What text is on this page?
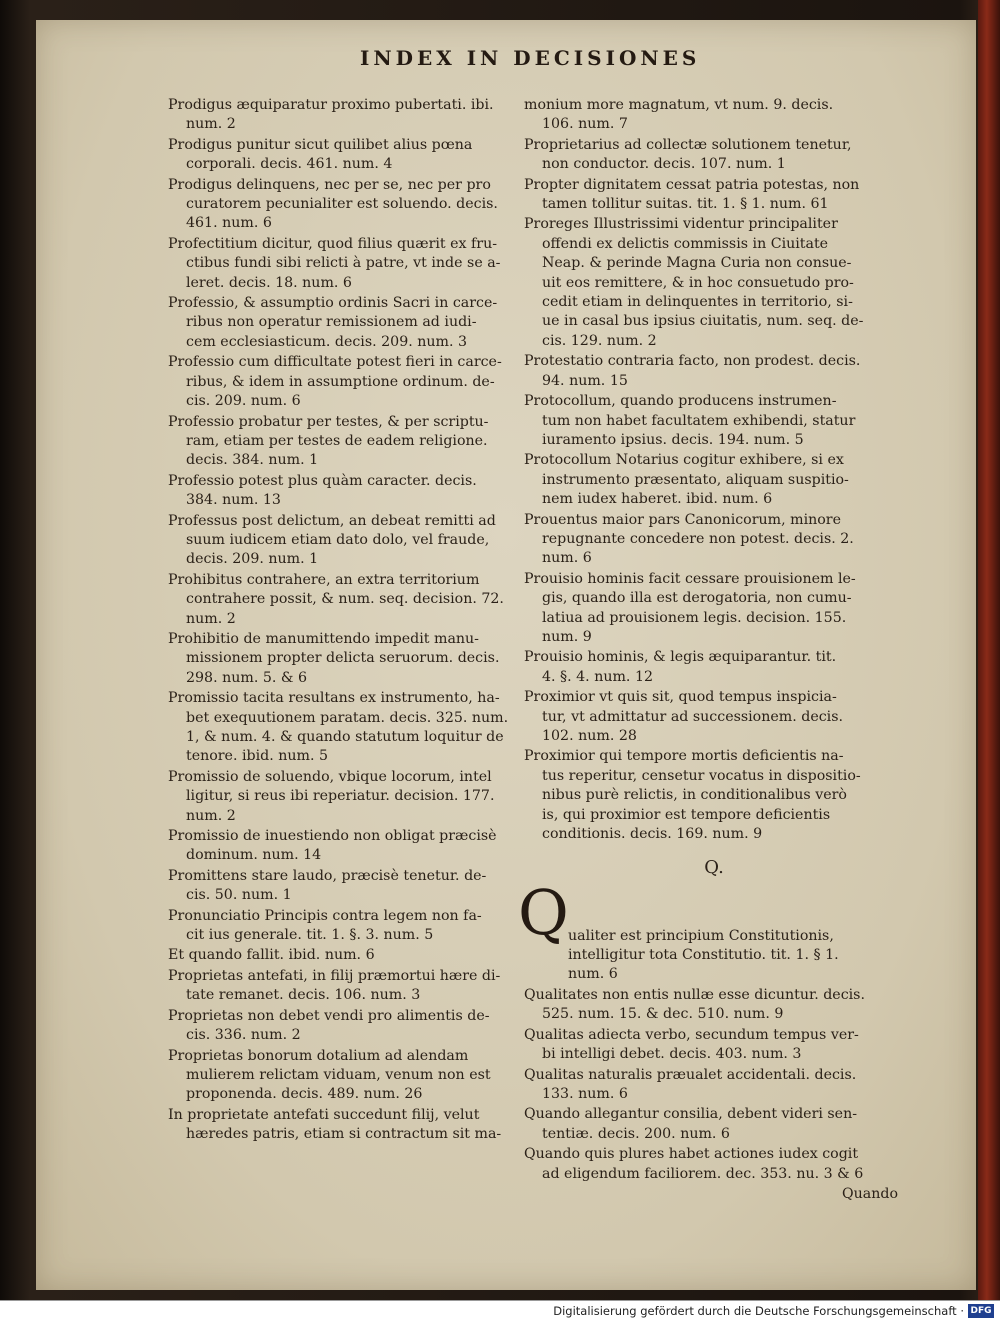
INDEX IN DECISIONES
Prodigus æquiparatur proximo pubertati. ibi.
num. 2
Prodigus punitur sicut quilibet alius pœna
corporali. decis. 461. num. 4
Prodigus delinquens, nec per se, nec per pro
curatorem pecunialiter est soluendo. decis.
461. num. 6
Profectitium dicitur, quod filius quærit ex fru-
ctibus fundi sibi relicti à patre, vt inde se a-
leret. decis. 18. num. 6
Professio, & assumptio ordinis Sacri in carce-
ribus non operatur remissionem ad iudi-
cem ecclesiasticum. decis. 209. num. 3
Professio cum difficultate potest fieri in carce-
ribus, & idem in assumptione ordinum. de-
cis. 209. num. 6
Professio probatur per testes, & per scriptu-
ram, etiam per testes de eadem religione.
decis. 384. num. 1
Professio potest plus quàm caracter. decis.
384. num. 13
Professus post delictum, an debeat remitti ad
suum iudicem etiam dato dolo, vel fraude,
decis. 209. num. 1
Prohibitus contrahere, an extra territorium
contrahere possit, & num. seq. decision. 72.
num. 2
Prohibitio de manumittendo impedit manu-
missionem propter delicta seruorum. decis.
298. num. 5. & 6
Promissio tacita resultans ex instrumento, ha-
bet exequutionem paratam. decis. 325. num.
1, & num. 4. & quando statutum loquitur de
tenore. ibid. num. 5
Promissio de soluendo, vbique locorum, intel
ligitur, si reus ibi reperiatur. decision. 177.
num. 2
Promissio de inuestiendo non obligat præcisè
dominum. num. 14
Promittens stare laudo, præcisè tenetur. de-
cis. 50. num. 1
Pronunciatio Principis contra legem non fa-
cit ius generale. tit. 1. §. 3. num. 5
Et quando fallit. ibid. num. 6
Proprietas antefati, in filij præmortui hære di-
tate remanet. decis. 106. num. 3
Proprietas non debet vendi pro alimentis de-
cis. 336. num. 2
Proprietas bonorum dotalium ad alendam
mulierem relictam viduam, venum non est
proponenda. decis. 489. num. 26
In proprietate antefati succedunt filij, velut
hæredes patris, etiam si contractum sit ma-
monium more magnatum, vt num. 9. decis.
106. num. 7
Proprietarius ad collectæ solutionem tenetur,
non conductor. decis. 107. num. 1
Propter dignitatem cessat patria potestas, non
tamen tollitur suitas. tit. 1. § 1. num. 61
Proreges Illustrissimi videntur principaliter
offendi ex delictis commissis in Ciuitate
Neap. & perinde Magna Curia non consue-
uit eos remittere, & in hoc consuetudo pro-
cedit etiam in delinquentes in territorio, si-
ue in casal bus ipsius ciuitatis, num. seq. de-
cis. 129. num. 2
Protestatio contraria facto, non prodest. decis.
94. num. 15
Protocollum, quando producens instrumen-
tum non habet facultatem exhibendi, statur
iuramento ipsius. decis. 194. num. 5
Protocollum Notarius cogitur exhibere, si ex
instrumento præsentato, aliquam suspitio-
nem iudex haberet. ibid. num. 6
Prouentus maior pars Canonicorum, minore
repugnante concedere non potest. decis. 2.
num. 6
Prouisio hominis facit cessare prouisionem le-
gis, quando illa est derogatoria, non cumu-
latiua ad prouisionem legis. decision. 155.
num. 9
Prouisio hominis, & legis æquiparantur. tit.
4. §. 4. num. 12
Proximior vt quis sit, quod tempus inspicia-
tur, vt admittatur ad successionem. decis.
102. num. 28
Proximior qui tempore mortis deficientis na-
tus reperitur, censetur vocatus in dispositio-
nibus purè relictis, in conditionalibus verò
is, qui proximior est tempore deficientis
conditionis. decis. 169. num. 9
Q.

Q ualiter est principium Constitutionis,
intelligitur tota Constitutio. tit. 1. § 1.
num. 6

Qualitates non entis nullæ esse dicuntur. decis.
525. num. 15. & dec. 510. num. 9
Qualitas adiecta verbo, secundum tempus ver-
bi intelligi debet. decis. 403. num. 3
Qualitas naturalis præualet accidentali. decis.
133. num. 6
Quando allegantur consilia, debent videri sen-
tentiæ. decis. 200. num. 6
Quando quis plures habet actiones iudex cogit
ad eligendum faciliorem. dec. 353. nu. 3 & 6
Quando
Digitalisierung gefördert durch die Deutsche Forschungsgemeinschaft · DFG
